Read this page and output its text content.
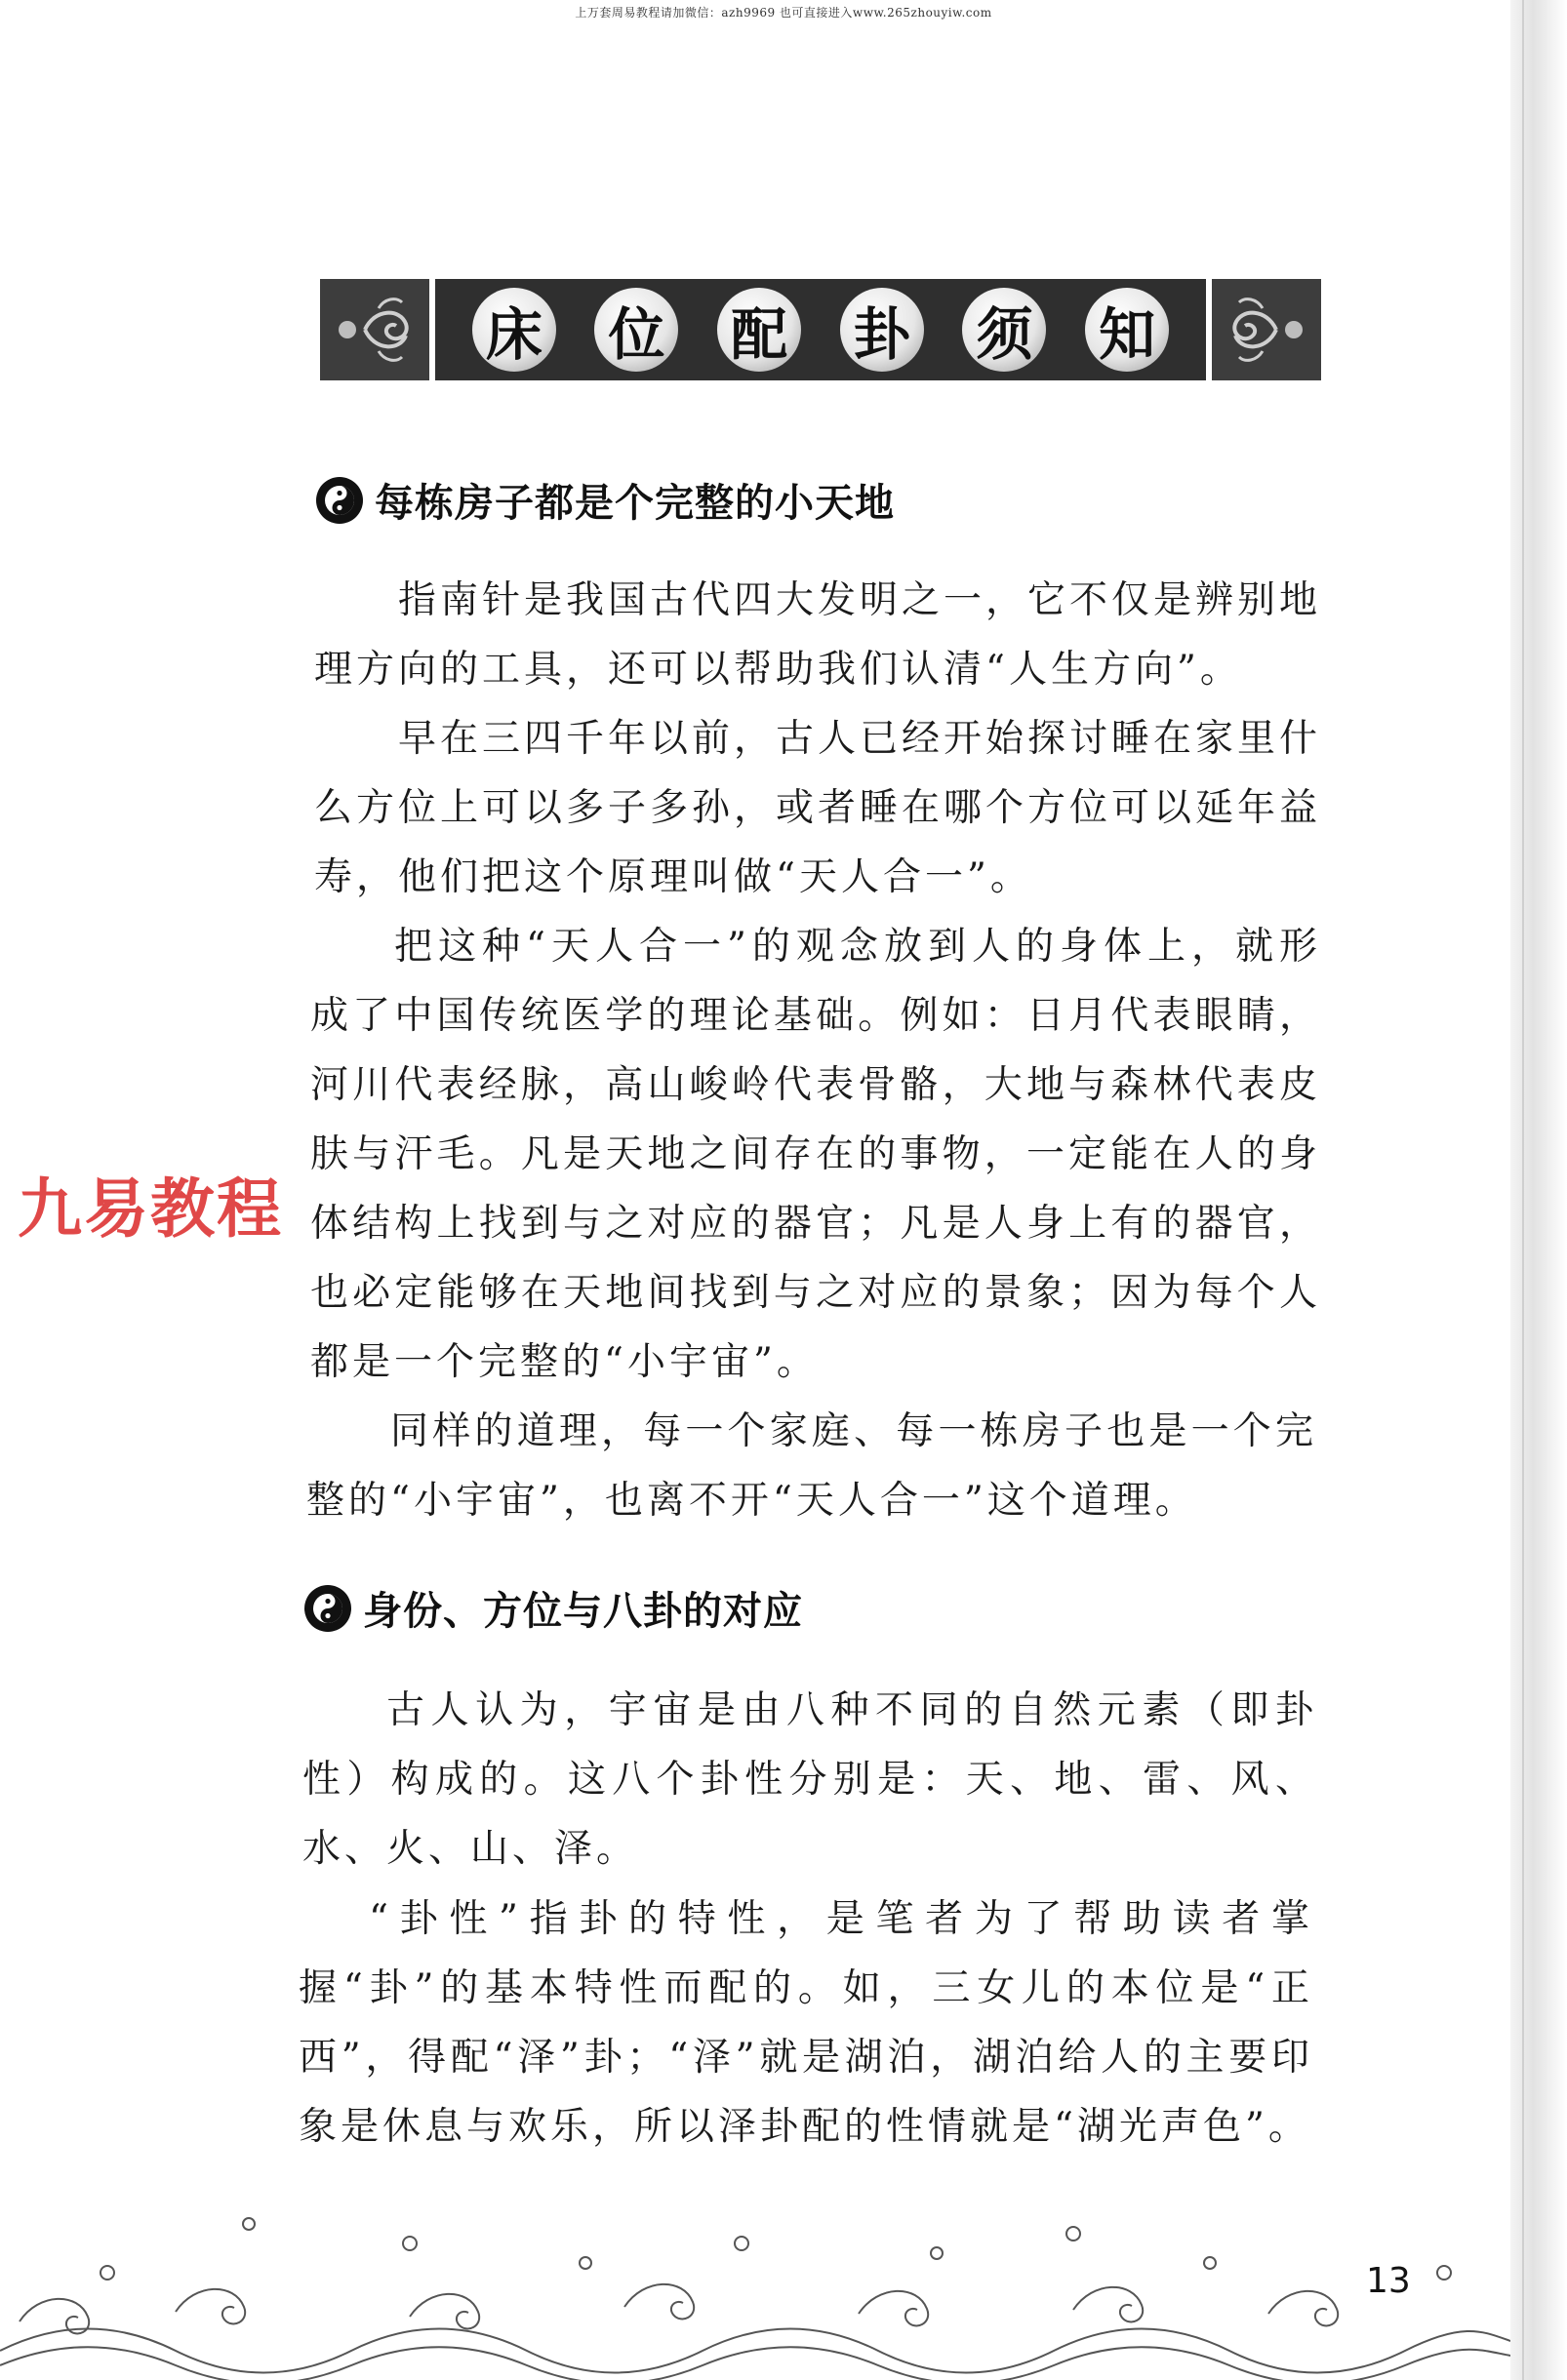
上万套周易教程请加微信：azh9969 也可直接进入www.265zhouyiw.com
床 位 配 卦 须 知
每栋房子都是个完整的小天地
指南针是我国古代四大发明之一，它不仅是辨别地理方向的工具，还可以帮助我们认清“人生方向”。
早在三四千年以前，古人已经开始探讨睡在家里什么方位上可以多子多孙，或者睡在哪个方位可以延年益寿，他们把这个原理叫做“天人合一”。
把这种“天人合一”的观念放到人的身体上，就形成了中国传统医学的理论基础。例如：日月代表眼睛，河川代表经脉，高山峻岭代表骨骼，大地与森林代表皮肤与汗毛。凡是天地之间存在的事物，一定能在人的身体结构上找到与之对应的器官；凡是人身上有的器官，也必定能够在天地间找到与之对应的景象；因为每个人都是一个完整的“小宇宙”。
同样的道理，每一个家庭、每一栋房子也是一个完整的“小宇宙”，也离不开“天人合一”这个道理。
身份、方位与八卦的对应
古人认为，宇宙是由八种不同的自然元素（即卦性）构成的。这八个卦性分别是：天、地、雷、风、水、火、山、泽。
“卦性”指卦的特性，是笔者为了帮助读者掌握“卦”的基本特性而配的。如，三女儿的本位是“正西”，得配“泽”卦；“泽”就是湖泊，湖泊给人的主要印象是休息与欢乐，所以泽卦配的性情就是“湖光声色”。
九易教程
13
